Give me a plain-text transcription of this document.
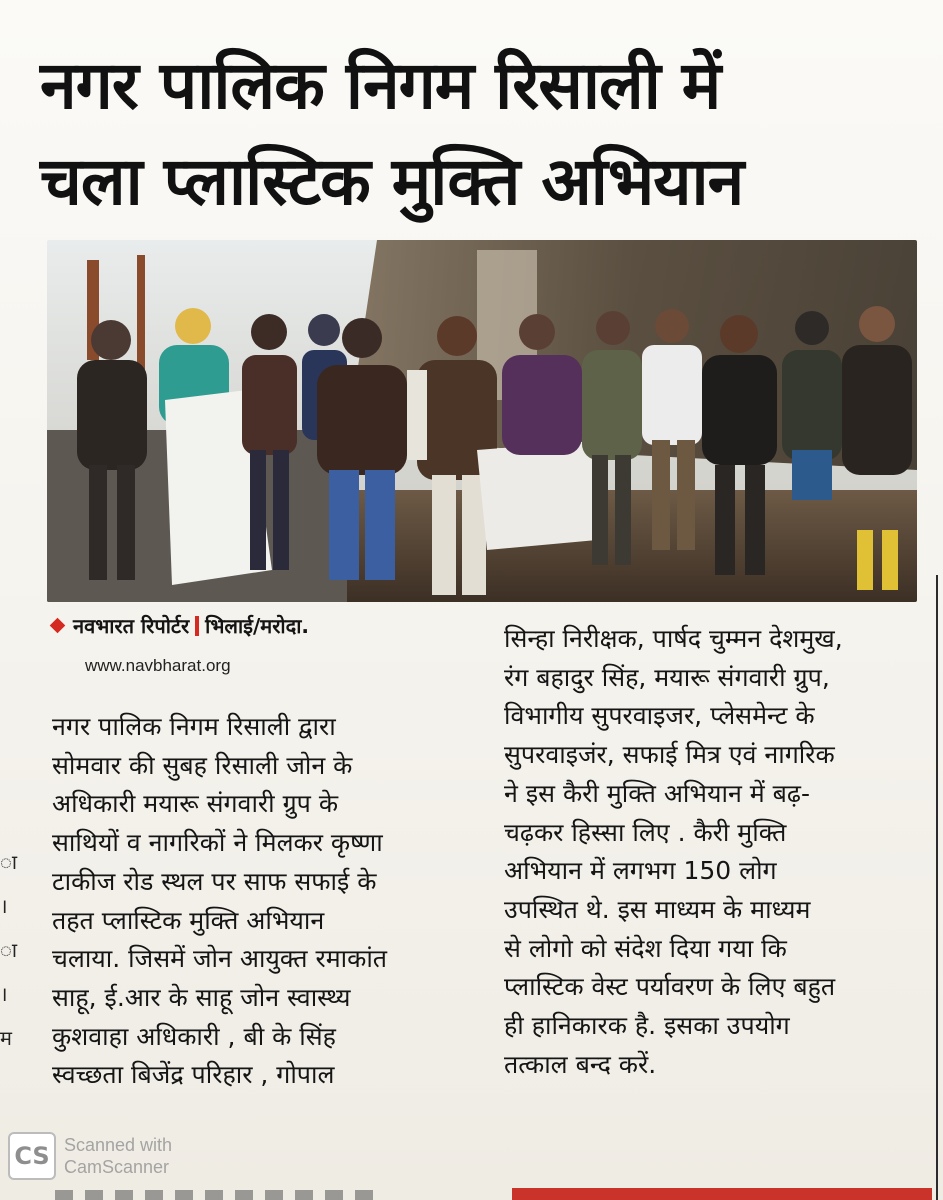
नगर पालिक निगम रिसाली में
चला प्लास्टिक मुक्ति अभियान
नवभारत रिपोर्टर भिलाई/मरोदा.
www.navbharat.org
नगर पालिक निगम रिसाली द्वारा
सोमवार की सुबह रिसाली जोन के
अधिकारी मयारू संगवारी ग्रुप के
साथियों व नागरिकों ने मिलकर कृष्णा
टाकीज रोड स्थल पर साफ सफाई के
तहत प्लास्टिक मुक्ति अभियान
चलाया. जिसमें जोन आयुक्त रमाकांत
साहू, ई.आर के साहू जोन स्वास्थ्य
कुशवाहा अधिकारी , बी के सिंह
स्वच्छता बिजेंद्र परिहार , गोपाल
सिन्हा निरीक्षक, पार्षद चुम्मन देशमुख,
रंग बहादुर सिंह, मयारू संगवारी ग्रुप,
विभागीय सुपरवाइजर, प्लेसमेन्ट के
सुपरवाइजंर, सफाई मित्र एवं नागरिक
ने इस कैरी मुक्ति अभियान में बढ़-
चढ़कर हिस्सा लिए . कैरी मुक्ति
अभियान में लगभग 150 लोग
उपस्थित थे. इस माध्यम के माध्यम
से लोगो को संदेश दिया गया कि
प्लास्टिक वेस्ट पर्यावरण के लिए बहुत
ही हानिकारक है. इसका उपयोग
तत्काल बन्द करें.
ा
।
ा
।
म
CS Scanned with
CamScanner
